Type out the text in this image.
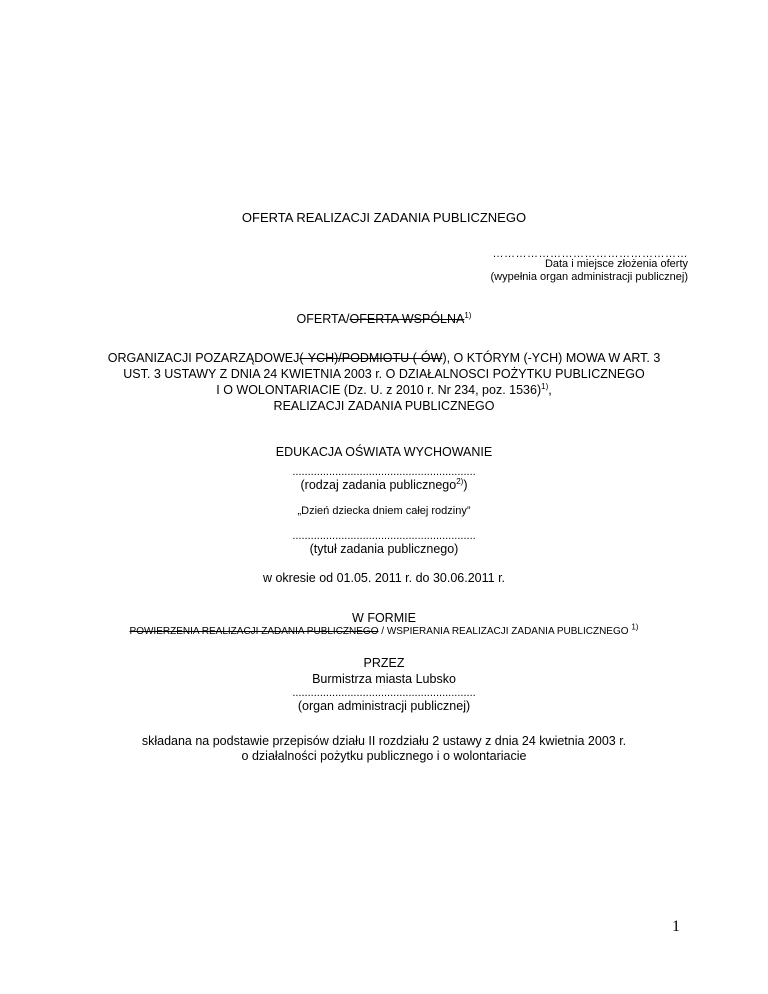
OFERTA REALIZACJI ZADANIA PUBLICZNEGO
……………………………………………
Data i miejsce złożenia oferty
(wypełnia organ administracji publicznej)
OFERTA/OFERTA WSPÓLNA$^{1)}$
ORGANIZACJI POZARZĄDOWEJ(-YCH)/PODMIOTU (-ÓW), O KTÓRYM (-YCH) MOWA W ART. 3
UST. 3 USTAWY Z DNIA 24 KWIETNIA 2003 r. O DZIAŁALNOSCI POŻYTKU PUBLICZNEGO
I O WOLONTARIACIE (Dz. U. z 2010 r. Nr 234, poz. 1536)$^{1)}$,
REALIZACJI ZADANIA PUBLICZNEGO
EDUKACJA OŚWIATA WYCHOWANIE
............................................................
(rodzaj zadania publicznego$^{2)}$)
„Dzień dziecka dniem całej rodziny”
............................................................
(tytuł zadania publicznego)
w okresie od 01.05. 2011 r. do 30.06.2011 r.
W FORMIE
POWIERZENIA REALIZACJI ZADANIA PUBLICZNEGO / WSPIERANIA REALIZACJI ZADANIA PUBLICZNEGO $^{1)}$
PRZEZ
Burmistrza miasta Lubsko
............................................................
(organ administracji publicznej)
składana na podstawie przepisów działu II rozdziału 2 ustawy z dnia 24 kwietnia 2003 r.
o działalności pożytku publicznego i o wolontariacie
1
